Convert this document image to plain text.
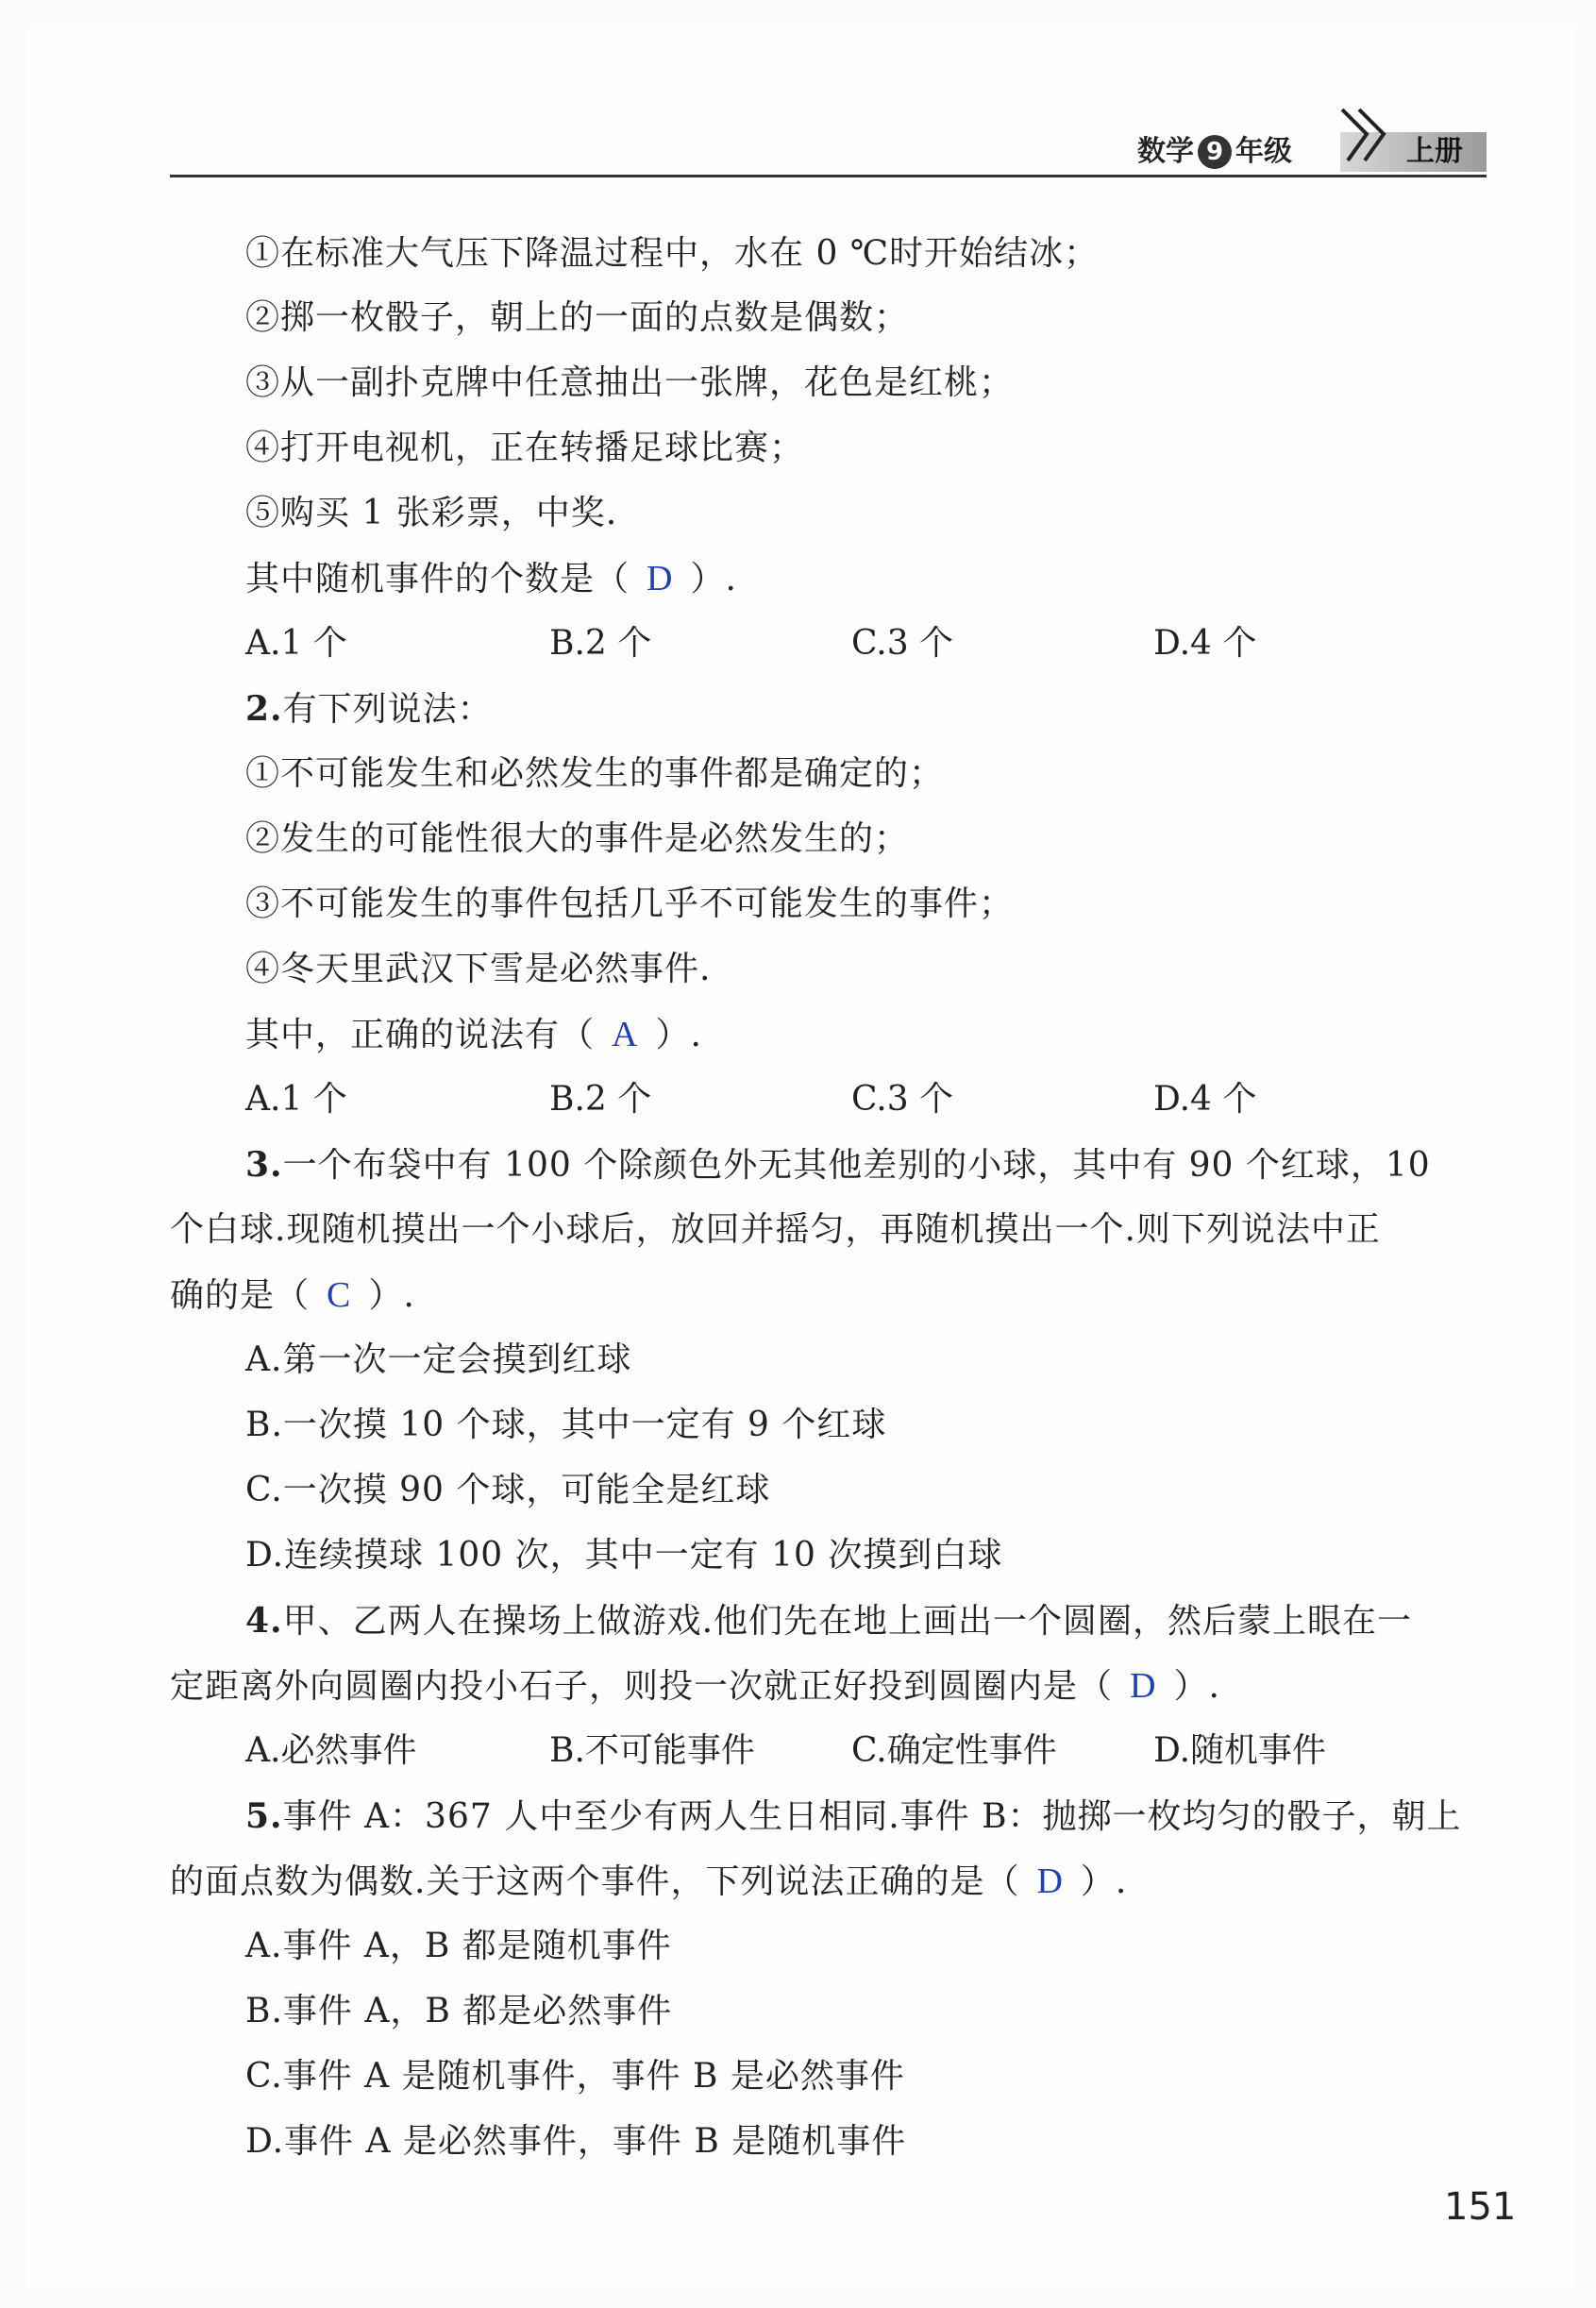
数学 9 年级	上册
①在标准大气压下降温过程中，水在 0 ℃时开始结冰；
②掷一枚骰子，朝上的一面的点数是偶数；
③从一副扑克牌中任意抽出一张牌，花色是红桃；
④打开电视机，正在转播足球比赛；
⑤购买 1 张彩票，中奖.
其中随机事件的个数是（ D ）.
A.1 个	B.2 个	C.3 个	D.4 个
2.有下列说法：
①不可能发生和必然发生的事件都是确定的；
②发生的可能性很大的事件是必然发生的；
③不可能发生的事件包括几乎不可能发生的事件；
④冬天里武汉下雪是必然事件.
其中，正确的说法有（ A ）.
A.1 个	B.2 个	C.3 个	D.4 个
3.一个布袋中有 100 个除颜色外无其他差别的小球，其中有 90 个红球，10
个白球.现随机摸出一个小球后，放回并摇匀，再随机摸出一个.则下列说法中正
确的是（ C ）.
A.第一次一定会摸到红球
B.一次摸 10 个球，其中一定有 9 个红球
C.一次摸 90 个球，可能全是红球
D.连续摸球 100 次，其中一定有 10 次摸到白球
4.甲、乙两人在操场上做游戏.他们先在地上画出一个圆圈，然后蒙上眼在一
定距离外向圆圈内投小石子，则投一次就正好投到圆圈内是（ D ）.
A.必然事件	B.不可能事件	C.确定性事件	D.随机事件
5.事件 A：367 人中至少有两人生日相同.事件 B：抛掷一枚均匀的骰子，朝上
的面点数为偶数.关于这两个事件，下列说法正确的是（ D ）.
A.事件 A，B 都是随机事件
B.事件 A，B 都是必然事件
C.事件 A 是随机事件，事件 B 是必然事件
D.事件 A 是必然事件，事件 B 是随机事件
151
